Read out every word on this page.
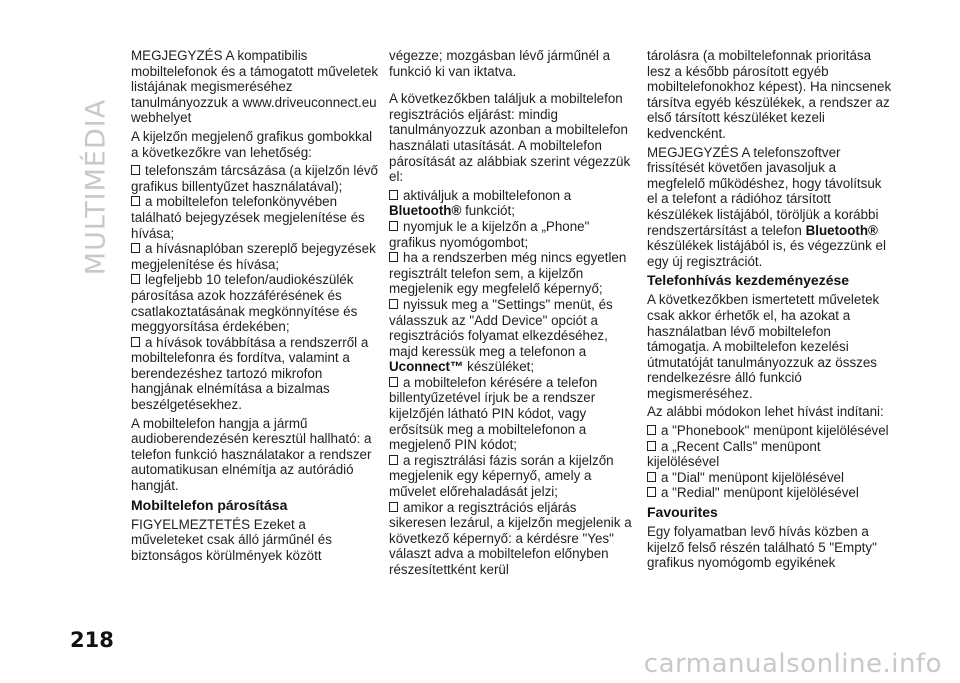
MULTIMÉDIA
218
carmanualsonline.info

MEGJEGYZÉS A kompatibilis mobiltelefonok és a támogatott műveletek listájának megismeréséhez tanulmányozzuk a www.driveuconnect.eu webhelyet

A kijelzőn megjelenő grafikus gombokkal a következőkre van lehetőség:

telefonszám tárcsázása (a kijelzőn lévő grafikus billentyűzet használatával);

a mobiltelefon telefonkönyvében található bejegyzések megjelenítése és hívása;

a hívásnaplóban szereplő bejegyzések megjelenítése és hívása;

legfeljebb 10 telefon/audiokészülék párosítása azok hozzáférésének és csatlakoztatásának megkönnyítése és meggyorsítása érdekében;

a hívások továbbítása a rendszerről a mobiltelefonra és fordítva, valamint a berendezéshez tartozó mikrofon hangjának elnémítása a bizalmas beszélgetésekhez.

A mobiltelefon hangja a jármű audioberendezésén keresztül hallható: a telefon funkció használatakor a rendszer automatikusan elnémítja az autórádió hangját.

Mobiltelefon párosítása

FIGYELMEZTETÉS Ezeket a műveleteket csak álló járműnél és biztonságos körülmények között

végezze; mozgásban lévő járműnél a funkció ki van iktatva.

A következőkben találjuk a mobiltelefon regisztrációs eljárást: mindig tanulmányozzuk azonban a mobiltelefon használati utasítását. A mobiltelefon párosítását az alábbiak szerint végezzük el:

aktiváljuk a mobiltelefonon a
Bluetooth® funkciót;

nyomjuk le a kijelzőn a „Phone" grafikus nyomógombot;

ha a rendszerben még nincs egyetlen regisztrált telefon sem, a kijelzőn megjelenik egy megfelelő képernyő;

nyissuk meg a "Settings" menüt, és válasszuk az "Add Device" opciót a regisztrációs folyamat elkezdéséhez, majd keressük meg a telefonon a
Uconnect™ készüléket;

a mobiltelefon kérésére a telefon billentyűzetével írjuk be a rendszer kijelzőjén látható PIN kódot, vagy erősítsük meg a mobiltelefonon a megjelenő PIN kódot;

a regisztrálási fázis során a kijelzőn megjelenik egy képernyő, amely a művelet előrehaladását jelzi;

amikor a regisztrációs eljárás sikeresen lezárul, a kijelzőn megjelenik a következő képernyő: a kérdésre "Yes" választ adva a mobiltelefon előnyben részesítettként kerül

tárolásra (a mobiltelefonnak prioritása lesz a később párosított egyéb mobiltelefonokhoz képest). Ha nincsenek társítva egyéb készülékek, a rendszer az első társított készüléket kezeli kedvencként.

MEGJEGYZÉS A telefonszoftver frissítését követően javasoljuk a megfelelő működéshez, hogy távolítsuk el a telefont a rádióhoz társított készülékek listájából, töröljük a korábbi rendszertársítást a telefon Bluetooth® készülékek listájából is, és végezzünk el egy új regisztrációt.

Telefonhívás kezdeményezése

A következőkben ismertetett műveletek csak akkor érhetők el, ha azokat a használatban lévő mobiltelefon támogatja. A mobiltelefon kezelési útmutatóját tanulmányozzuk az összes rendelkezésre álló funkció megismeréséhez.

Az alábbi módokon lehet hívást indítani:

a "Phonebook" menüpont kijelölésével

a „Recent Calls" menüpont kijelölésével

a "Dial" menüpont kijelölésével

a "Redial" menüpont kijelölésével

Favourites

Egy folyamatban levő hívás közben a kijelző felső részén található 5 "Empty" grafikus nyomógomb egyikének
